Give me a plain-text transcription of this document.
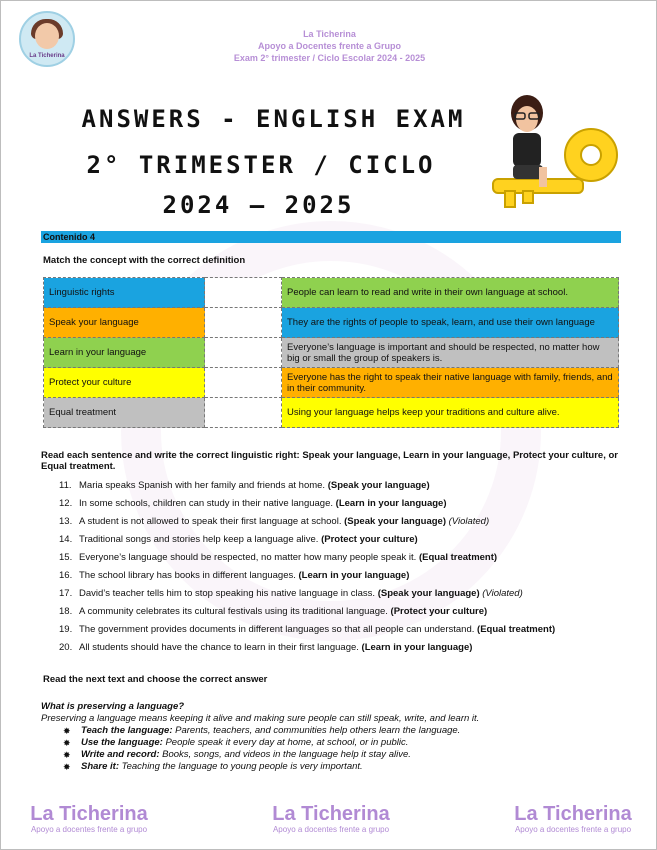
La Ticherina
La Ticherina
Apoyo a Docentes frente a Grupo
Exam 2° trimester / Ciclo Escolar 2024 - 2025
ANSWERS - ENGLISH EXAM
2° TRIMESTER / CICLO
2024 – 2025
Contenido 4
Match the concept with the correct definition
Linguistic rights		People can learn to read and write in their own language at school.
Speak your language		They are the rights of people to speak, learn, and use their own language
Learn in your language		Everyone’s language is important and should be respected, no matter how big or small the group of speakers is.
Protect your culture		Everyone has the right to speak their native language with family, friends, and in their community.
Equal treatment		Using your language helps keep your traditions and culture alive.
Read each sentence and write the correct linguistic right: Speak your language, Learn in your language, Protect your culture, or Equal treatment.
11. Maria speaks Spanish with her family and friends at home. (Speak your language)
12. In some schools, children can study in their native language. (Learn in your language)
13. A student is not allowed to speak their first language at school. (Speak your language) (Violated)
14. Traditional songs and stories help keep a language alive. (Protect your culture)
15. Everyone’s language should be respected, no matter how many people speak it. (Equal treatment)
16. The school library has books in different languages. (Learn in your language)
17. David’s teacher tells him to stop speaking his native language in class. (Speak your language) (Violated)
18. A community celebrates its cultural festivals using its traditional language. (Protect your culture)
19. The government provides documents in different languages so that all people can understand. (Equal treatment)
20. All students should have the chance to learn in their first language. (Learn in your language)
Read the next text and choose the correct answer
What is preserving a language?
Preserving a language means keeping it alive and making sure people can still speak, write, and learn it.
✸ Teach the language: Parents, teachers, and communities help others learn the language.
✸ Use the language: People speak it every day at home, at school, or in public.
✸ Write and record: Books, songs, and videos in the language help it stay alive.
✸ Share it: Teaching the language to young people is very important.
La Ticherina
Apoyo a docentes frente a grupo
La Ticherina
Apoyo a docentes frente a grupo
La Ticherina
Apoyo a docentes frente a grupo
